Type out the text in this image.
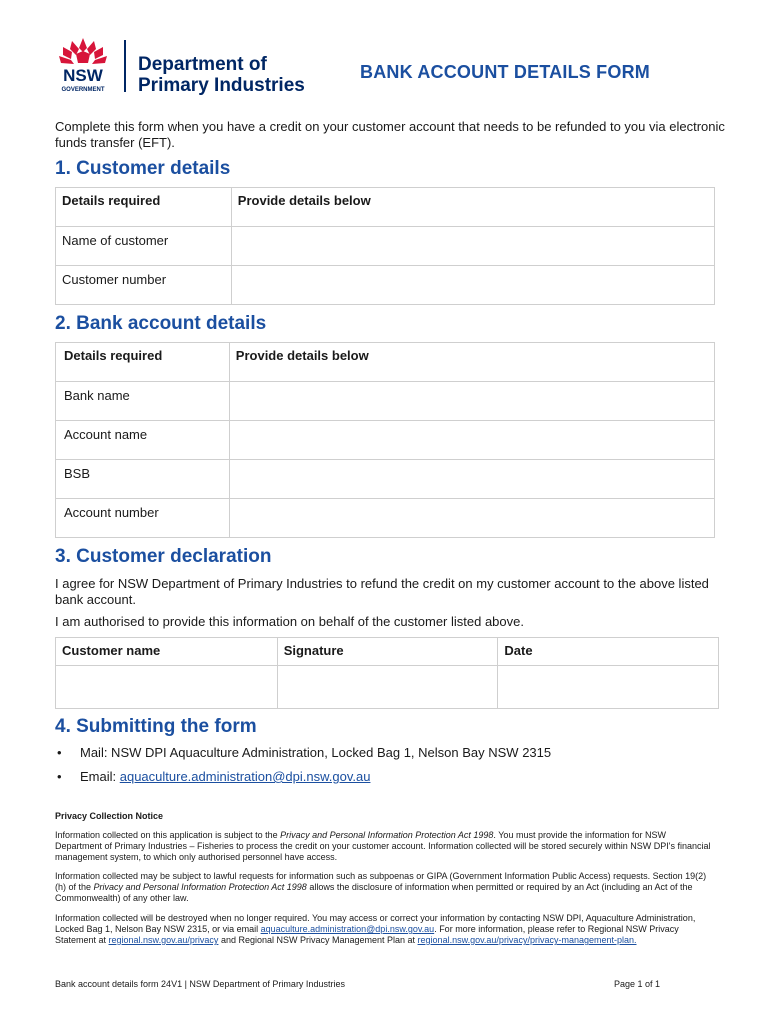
NSW
GOVERNMENT
Department of
Primary Industries
BANK ACCOUNT DETAILS FORM
Complete this form when you have a credit on your customer account that needs to be refunded to you via electronic funds transfer (EFT).
1. Customer details
Details required	Provide details below
Name of customer	
Customer number	
2. Bank account details
Details required	Provide details below
Bank name	
Account name	
BSB	
Account number	
3. Customer declaration
I agree for NSW Department of Primary Industries to refund the credit on my customer account to the above listed bank account.
I am authorised to provide this information on behalf of the customer listed above.
Customer name	Signature	Date

4. Submitting the form
• Mail: NSW DPI Aquaculture Administration, Locked Bag 1, Nelson Bay NSW 2315
• Email: aquaculture.administration@dpi.nsw.gov.au
Privacy Collection Notice
Information collected on this application is subject to the Privacy and Personal Information Protection Act 1998. You must provide the information for NSW Department of Primary Industries – Fisheries to process the credit on your customer account. Information collected will be stored securely within NSW DPI's financial management system, to which only authorised personnel have access.
Information collected may be subject to lawful requests for information such as subpoenas or GIPA (Government Information Public Access) requests. Section 19(2)(h) of the Privacy and Personal Information Protection Act 1998 allows the disclosure of information when permitted or required by an Act (including an Act of the Commonwealth) of any other law.
Information collected will be destroyed when no longer required. You may access or correct your information by contacting NSW DPI, Aquaculture Administration, Locked Bag 1, Nelson Bay NSW 2315, or via email aquaculture.administration@dpi.nsw.gov.au. For more information, please refer to Regional NSW Privacy Statement at regional.nsw.gov.au/privacy and Regional NSW Privacy Management Plan at regional.nsw.gov.au/privacy/privacy-management-plan.
Bank account details form 24V1 | NSW Department of Primary Industries	Page 1 of 1
